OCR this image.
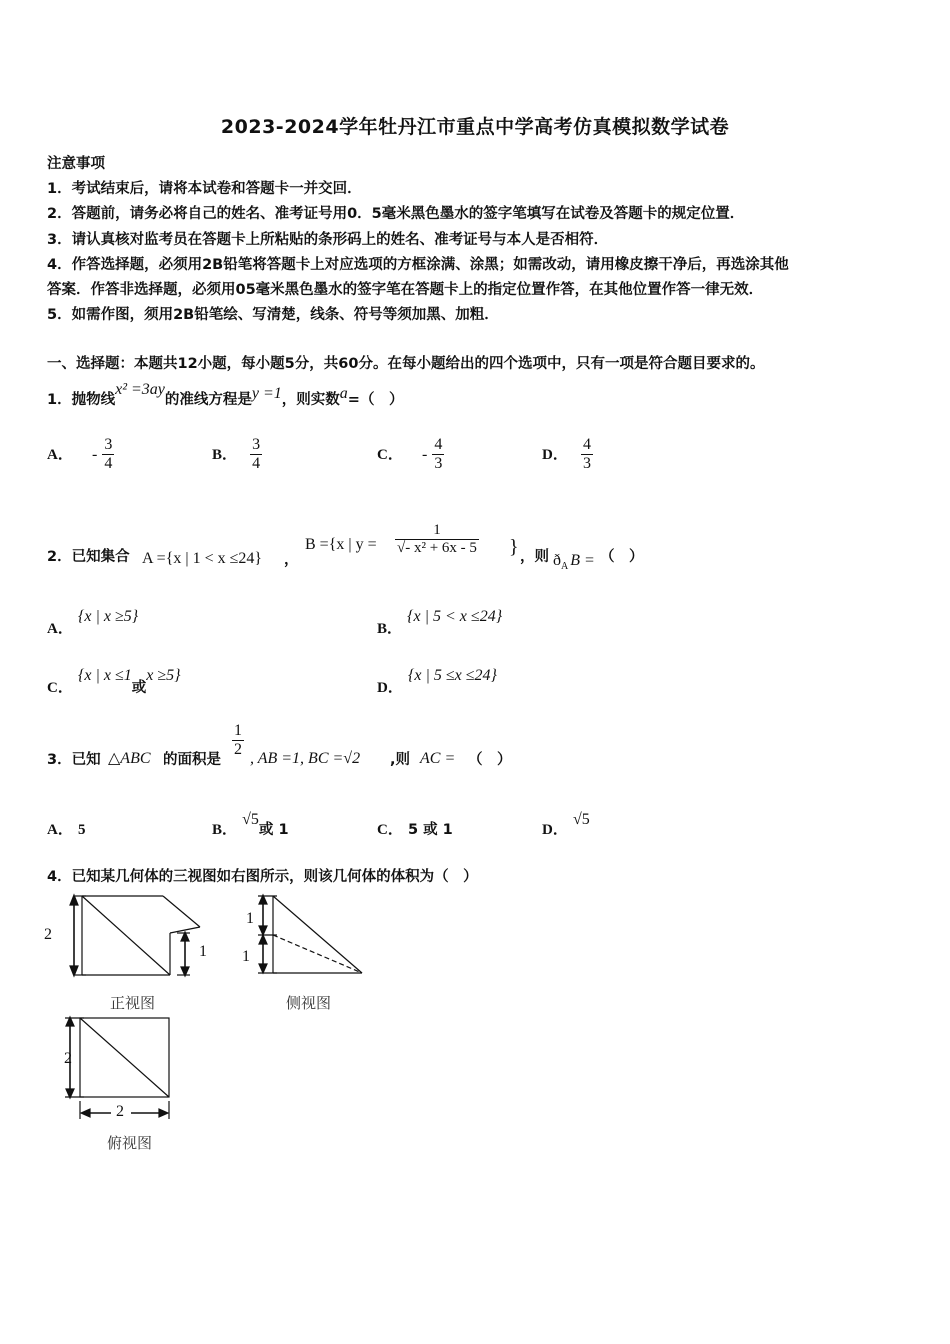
2023-2024学年牡丹江市重点中学高考仿真模拟数学试卷
注意事项
1．考试结束后，请将本试卷和答题卡一并交回．
2．答题前，请务必将自己的姓名、准考证号用0．5毫米黑色墨水的签字笔填写在试卷及答题卡的规定位置．
3．请认真核对监考员在答题卡上所粘贴的条形码上的姓名、准考证号与本人是否相符．
4．作答选择题，必须用2B铅笔将答题卡上对应选项的方框涂满、涂黑；如需改动，请用橡皮擦干净后，再选涂其他
答案．作答非选择题，必须用05毫米黑色墨水的签字笔在答题卡上的指定位置作答，在其他位置作答一律无效．
5．如需作图，须用2B铅笔绘、写清楚，线条、符号等须加黑、加粗．
一、选择题：本题共12小题，每小题5分，共60分。在每小题给出的四个选项中，只有一项是符合题目要求的。
1．抛物线x² =3ay的准线方程是y =1，则实数a=（　）
A． - $\frac{3}{4}$	B． $\frac{3}{4}$	C． - $\frac{4}{3}$	D． $\frac{4}{3}$
2．已知集合 A ={x | 1 < x ≤24} ，
B ={x | $y = \frac{1}{\text{√- x² + 6x - 5}}$ } ，则 $ð_A$ B = （　）
A． {x | x ≥5}
B． {x | 5 < x ≤24}
C． {x | x ≤1或x ≥5}
D． {x | 5 ≤x ≤24}
3．已知 △ABC 的面积是
$\frac{1}{2}$ , AB =1, BC =√2 ,则 AC = （　）
A． 5	B． √5或 1	C． 5 或 1	D． √5
4．已知某几何体的三视图如右图所示，则该几何体的体积为（　）
2
1
正视图
1
1
侧视图
2
2
俯视图
